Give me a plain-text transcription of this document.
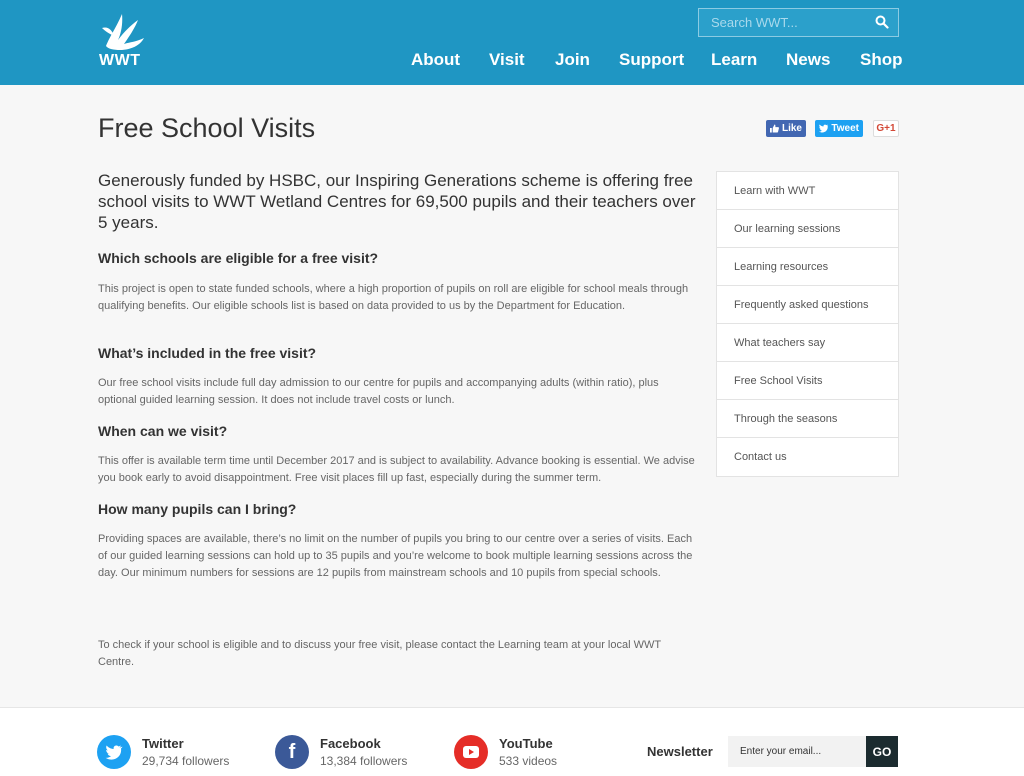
WWT
Search WWT...	About Visit Join Support Learn News Shop
Free School Visits	Like	Tweet G+1

Generously funded by HSBC, our Inspiring Generations scheme is offering free school visits to WWT Wetland Centres for 69,500 pupils and their teachers over 5 years.

Which schools are eligible for a free visit?

This project is open to state funded schools, where a high proportion of pupils on roll are eligible for school meals through qualifying benefits. Our eligible schools list is based on data provided to us by the Department for Education.

What’s included in the free visit?

Our free school visits include full day admission to our centre for pupils and accompanying adults (within ratio), plus optional guided learning session. It does not include travel costs or lunch.

When can we visit?

This offer is available term time until December 2017 and is subject to availability. Advance booking is essential. We advise you book early to avoid disappointment. Free visit places fill up fast, especially during the summer term.

How many pupils can I bring?

Providing spaces are available, there’s no limit on the number of pupils you bring to our centre over a series of visits. Each of our guided learning sessions can hold up to 35 pupils and you’re welcome to book multiple learning sessions across the day. Our minimum numbers for sessions are 12 pupils from mainstream schools and 10 pupils from special schools.

To check if your school is eligible and to discuss your free visit, please contact the Learning team at your local WWT Centre.

Learn with WWT
Our learning sessions
Learning resources
Frequently asked questions
What teachers say
Free School Visits
Through the seasons
Contact us
Twitter
29,734 followers	f Facebook
13,384 followers
YouTube
533 videos
Newsletter
Enter your email...	GO
